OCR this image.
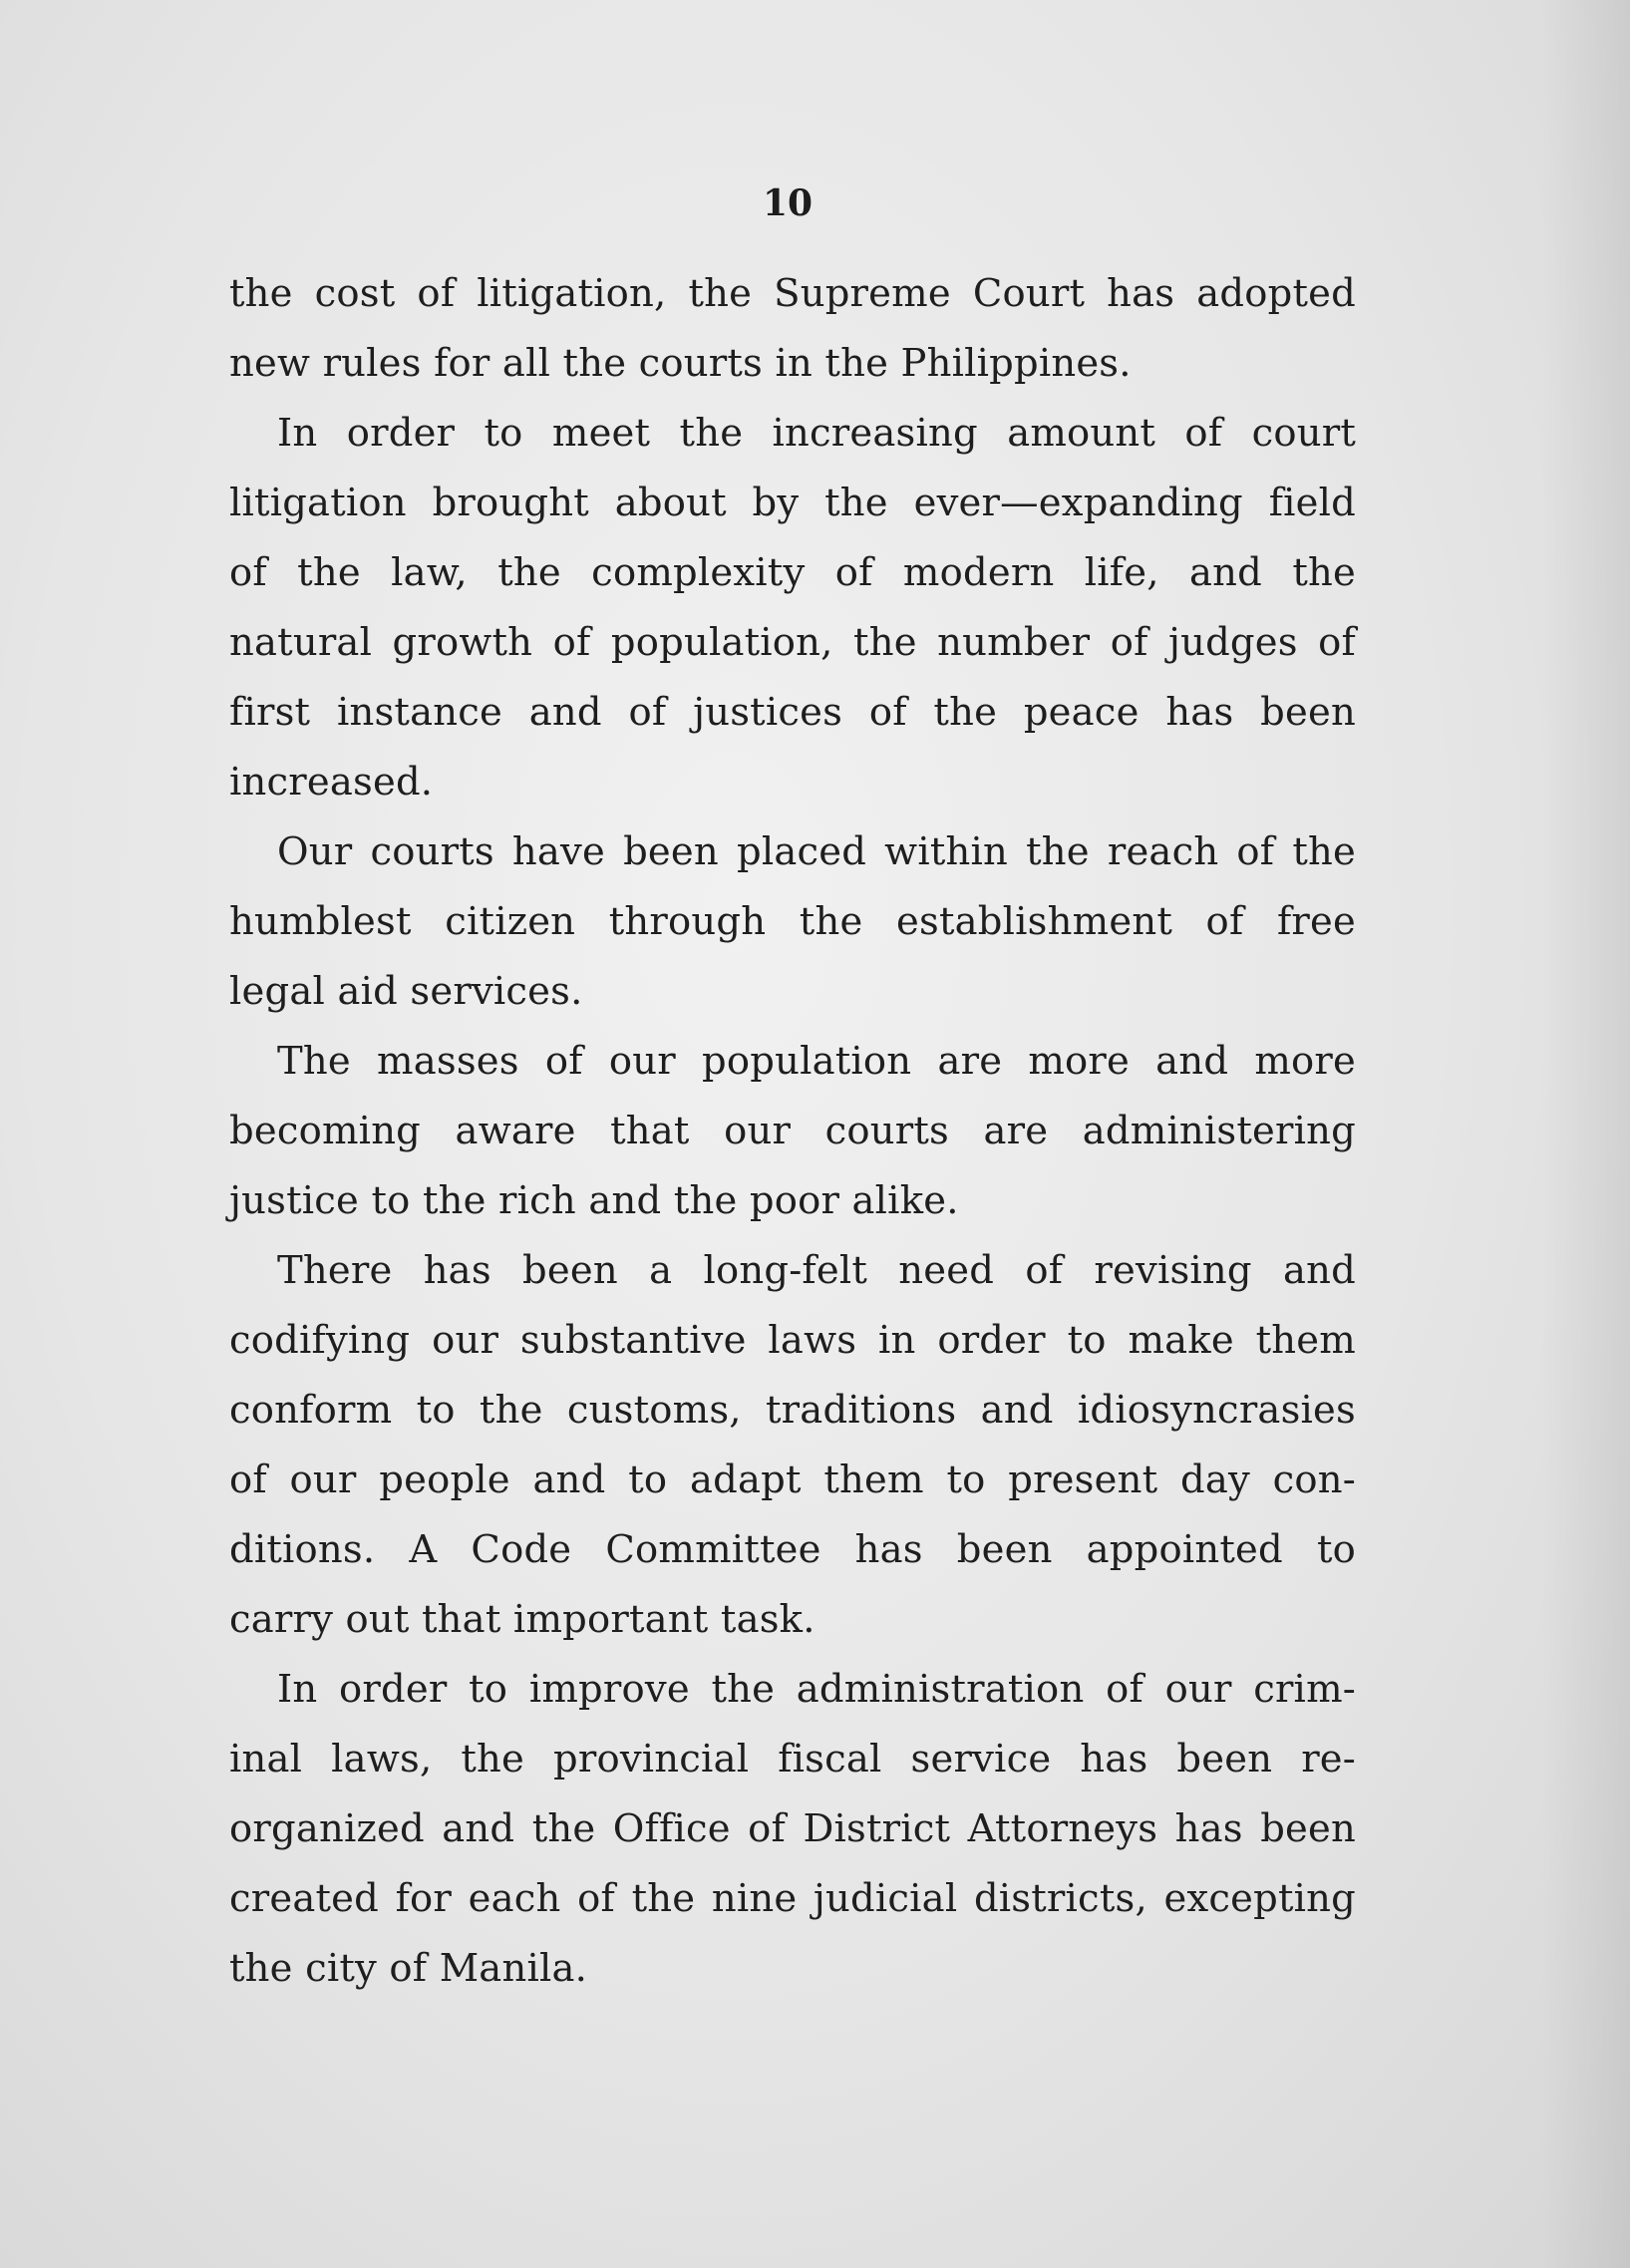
10
the cost of litigation, the Supreme Court has adopted
new rules for all the courts in the Philippines.
In order to meet the increasing amount of court
litigation brought about by the ever—expanding field
of the law, the complexity of modern life, and the
natural growth of population, the number of judges of
first instance and of justices of the peace has been
increased.
Our courts have been placed within the reach of the
humblest citizen through the establishment of free
legal aid services.
The masses of our population are more and more
becoming aware that our courts are administering
justice to the rich and the poor alike.
There has been a long-felt need of revising and
codifying our substantive laws in order to make them
conform to the customs, traditions and idiosyncrasies
of our people and to adapt them to present day con-
ditions. A Code Committee has been appointed to
carry out that important task.
In order to improve the administration of our crim-
inal laws, the provincial fiscal service has been re-
organized and the Office of District Attorneys has been
created for each of the nine judicial districts, excepting
the city of Manila.
